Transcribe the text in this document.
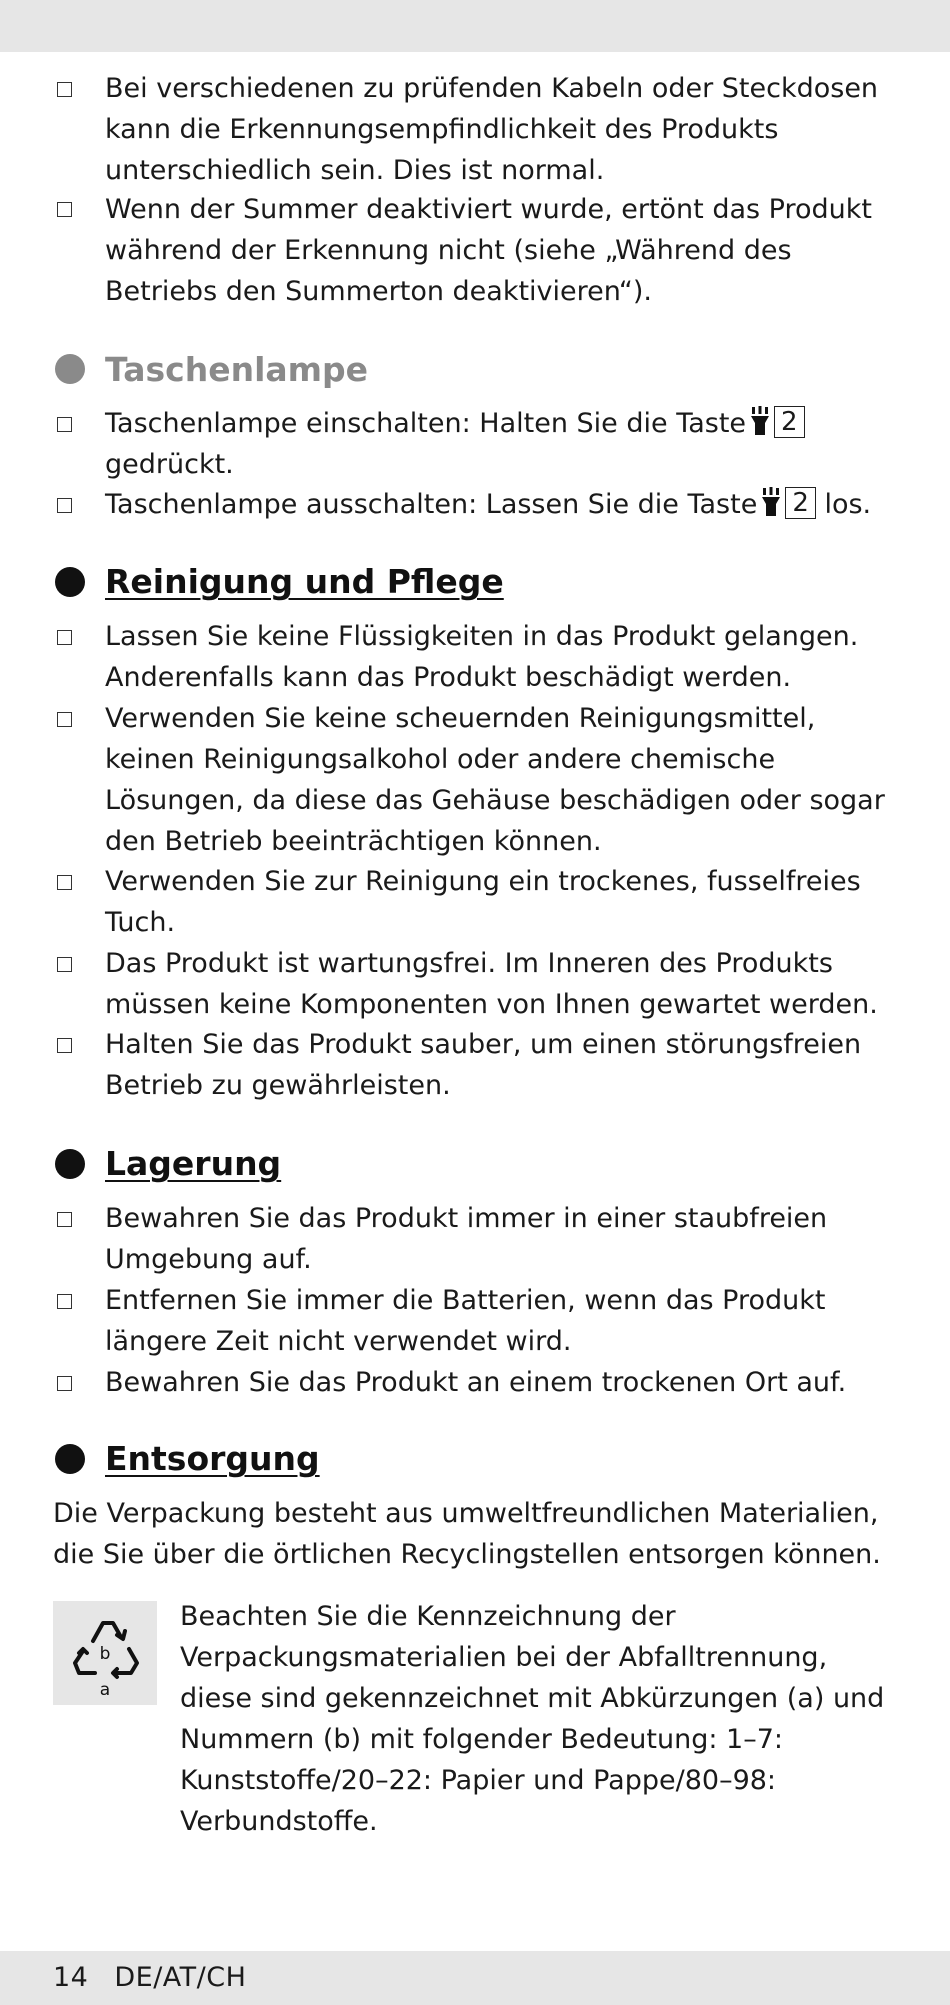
Bei verschiedenen zu prüfenden Kabeln oder Steckdosen kann die Erkennungsempfindlichkeit des Produkts unterschiedlich sein. Dies ist normal.
Wenn der Summer deaktiviert wurde, ertönt das Produkt während der Erkennung nicht (siehe „Während des Betriebs den Summerton deaktivieren“).
Taschenlampe
Taschenlampe einschalten: Halten Sie die Taste 2
gedrückt.
Taschenlampe ausschalten: Lassen Sie die Taste 2 los.
Reinigung und Pflege
Lassen Sie keine Flüssigkeiten in das Produkt gelangen. Anderenfalls kann das Produkt beschädigt werden.
Verwenden Sie keine scheuernden Reinigungsmittel, keinen Reinigungsalkohol oder andere chemische Lösungen, da diese das Gehäuse beschädigen oder sogar den Betrieb beeinträchtigen können.
Verwenden Sie zur Reinigung ein trockenes, fusselfreies Tuch.
Das Produkt ist wartungsfrei. Im Inneren des Produkts müssen keine Komponenten von Ihnen gewartet werden.
Halten Sie das Produkt sauber, um einen störungsfreien Betrieb zu gewährleisten.
Lagerung
Bewahren Sie das Produkt immer in einer staubfreien Umgebung auf.
Entfernen Sie immer die Batterien, wenn das Produkt längere Zeit nicht verwendet wird.
Bewahren Sie das Produkt an einem trockenen Ort auf.
Entsorgung
Die Verpackung besteht aus umweltfreundlichen Materialien, die Sie über die örtlichen Recyclingstellen entsorgen können.
b
a
Beachten Sie die Kennzeichnung der Verpackungsmaterialien bei der Abfalltrennung, diese sind gekennzeichnet mit Abkürzungen (a) und Nummern (b) mit folgender Bedeutung: 1–7: Kunststoffe/20–22: Papier und Pappe/80–98: Verbundstoffe.
14 DE/AT/CH
